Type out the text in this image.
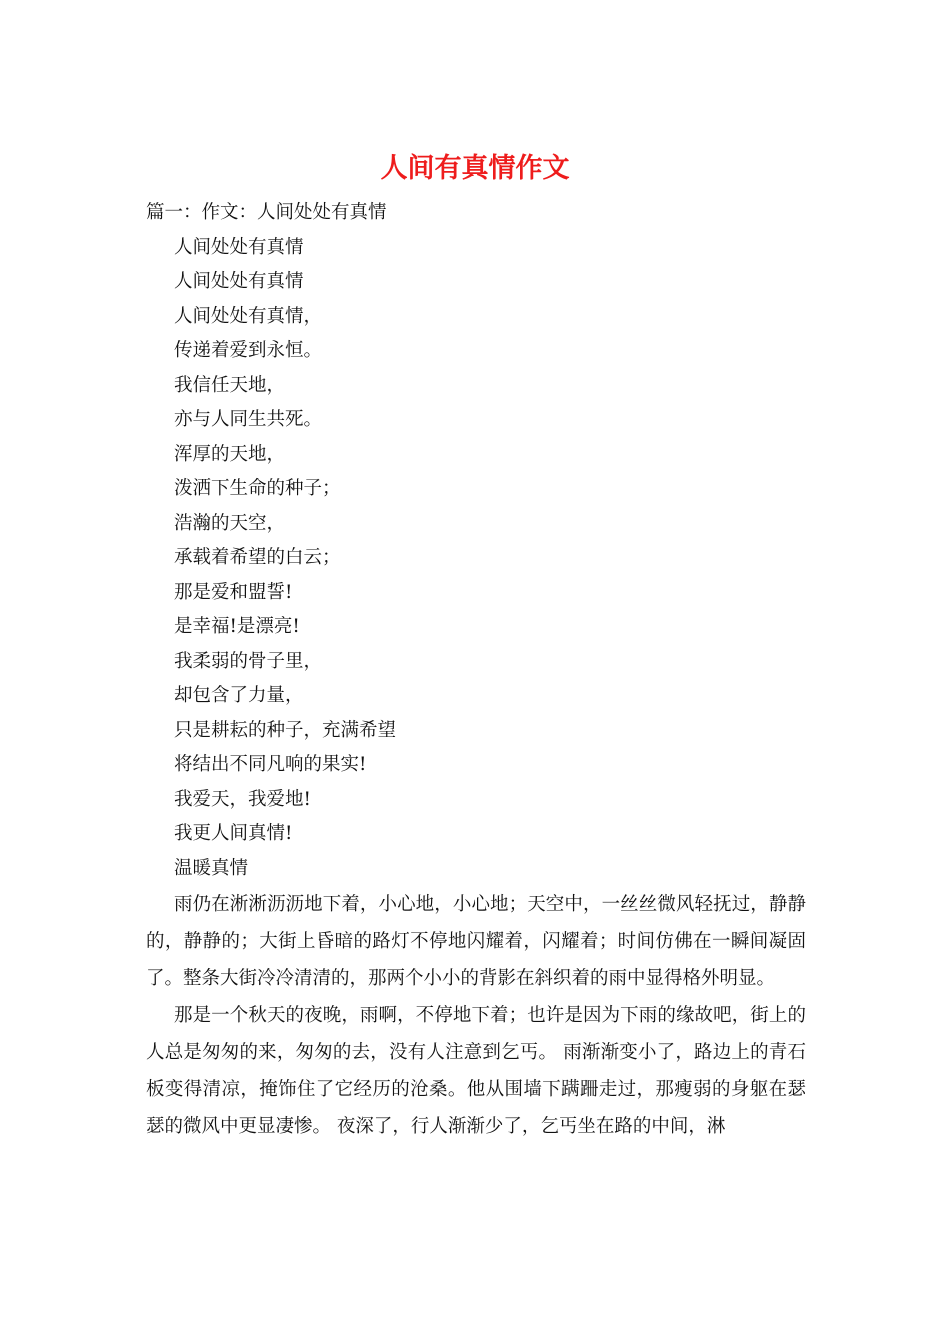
人间有真情作文

篇一：作文：人间处处有真情

人间处处有真情
人间处处有真情
人间处处有真情，
传递着爱到永恒。
我信任天地，
亦与人同生共死。
浑厚的天地，
泼洒下生命的种子；
浩瀚的天空，
承载着希望的白云；
那是爱和盟誓!
是幸福!是漂亮!
我柔弱的骨子里，
却包含了力量，
只是耕耘的种子，充满希望
将结出不同凡响的果实!
我爱天，我爱地!
我更人间真情!

温暖真情

雨仍在淅淅沥沥地下着，小心地，小心地；天空中，一丝丝微风轻抚过，静静的，静静的；大街上昏暗的路灯不停地闪耀着，闪耀着；时间仿佛在一瞬间凝固了。整条大街冷冷清清的，那两个小小的背影在斜织着的雨中显得格外明显。

那是一个秋天的夜晚，雨啊，不停地下着；也许是因为下雨的缘故吧，街上的人总是匆匆的来，匆匆的去，没有人注意到乞丐。 雨渐渐变小了，路边上的青石板变得清凉，掩饰住了它经历的沧桑。他从围墙下蹒跚走过，那瘦弱的身躯在瑟瑟的微风中更显凄惨。 夜深了，行人渐渐少了，乞丐坐在路的中间，淋
